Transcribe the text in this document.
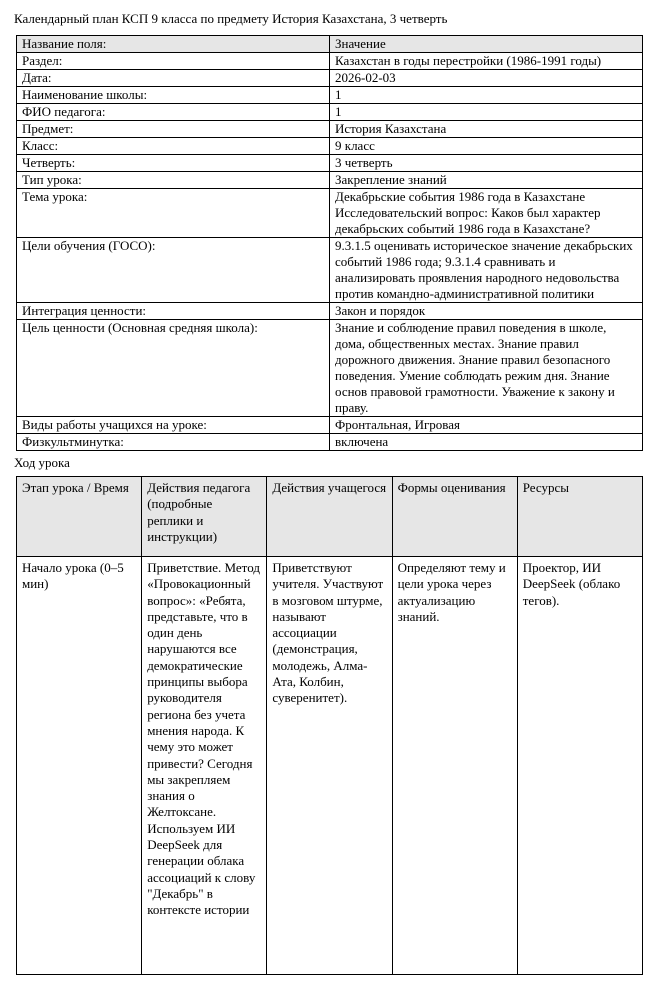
Календарный план КСП 9 класса по предмету История Казахстана, 3 четверть
Название поля:	Значение
Раздел:	Казахстан в годы перестройки (1986-1991 годы)
Дата:	2026-02-03
Наименование школы:	1
ФИО педагога:	1
Предмет:	История Казахстана
Класс:	9 класс
Четверть:	3 четверть
Тип урока:	Закрепление знаний
Тема урока:	Декабрьские события 1986 года в Казахстане Исследовательский вопрос: Каков был характер декабрьских событий 1986 года в Казахстане?
Цели обучения (ГОСО):	9.3.1.5 оценивать историческое значение декабрьских событий 1986 года; 9.3.1.4 сравнивать и анализировать проявления народного недовольства против командно-административной политики
Интеграция ценности:	Закон и порядок
Цель ценности (Основная средняя школа):	Знание и соблюдение правил поведения в школе, дома, общественных местах. Знание правил дорожного движения. Знание правил безопасного поведения. Умение соблюдать режим дня. Знание основ правовой грамотности. Уважение к закону и праву.
Виды работы учащихся на уроке:	Фронтальная, Игровая
Физкультминутка:	включена
Ход урока
Этап урока / Время	Действия педагога (подробные реплики и инструкции)	Действия учащегося	Формы оценивания	Ресурсы
Начало урока (0–5 мин)	Приветствие. Метод «Провокационный вопрос»: «Ребята, представьте, что в один день нарушаются все демократические принципы выбора руководителя региона без учета мнения народа. К чему это может привести? Сегодня мы закрепляем знания о Желтоксане. Используем ИИ DeepSeek для генерации облака ассоциаций к слову "Декабрь" в контексте истории	Приветствуют учителя. Участвуют в мозговом штурме, называют ассоциации (демонстрация, молодежь, Алма-Ата, Колбин, суверенитет).	Определяют тему и цели урока через актуализацию знаний.	Проектор, ИИ DeepSeek (облако тегов).
